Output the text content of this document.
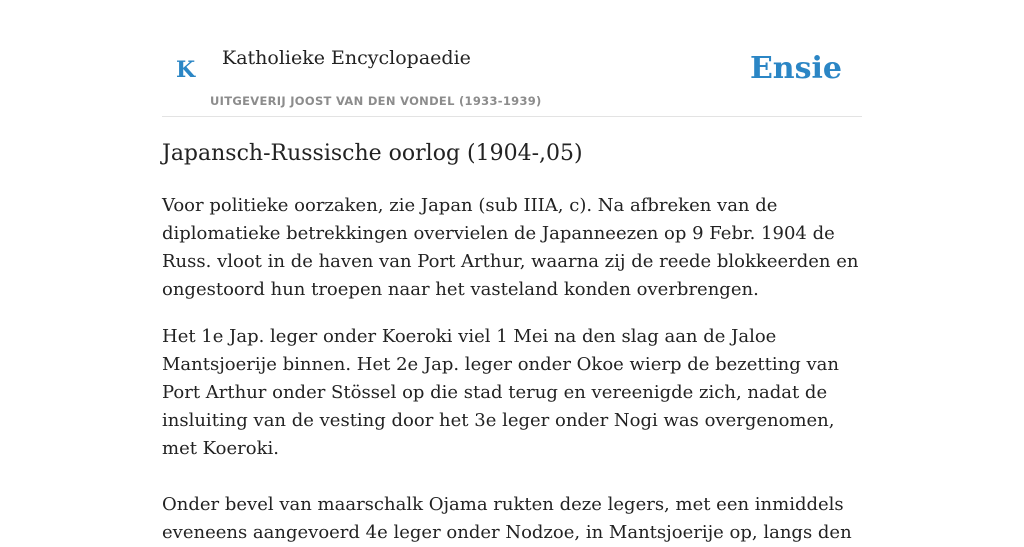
K Katholieke Encyclopaedie
UITGEVERIJ JOOST VAN DEN VONDEL (1933-1939)
Ensie
Japansch-Russische oorlog (1904-,05)

Voor politieke oorzaken, zie Japan (sub IIIA, c). Na afbreken van de diplomatieke betrekkingen overvielen de Japanneezen op 9 Febr. 1904 de Russ. vloot in de haven van Port Arthur, waarna zij de reede blokkeerden en ongestoord hun troepen naar het vasteland konden overbrengen.

Het 1e Jap. leger onder Koeroki viel 1 Mei na den slag aan de Jaloe Mantsjoerije binnen. Het 2e Jap. leger onder Okoe wierp de bezetting van Port Arthur onder Stössel op die stad terug en vereenigde zich, nadat de insluiting van de vesting door het 3e leger onder Nogi was overgenomen, met Koeroki.

Onder bevel van maarschalk Ojama rukten deze legers, met een inmiddels eveneens aangevoerd 4e leger onder Nodzoe, in Mantsjoerije op, langs den
